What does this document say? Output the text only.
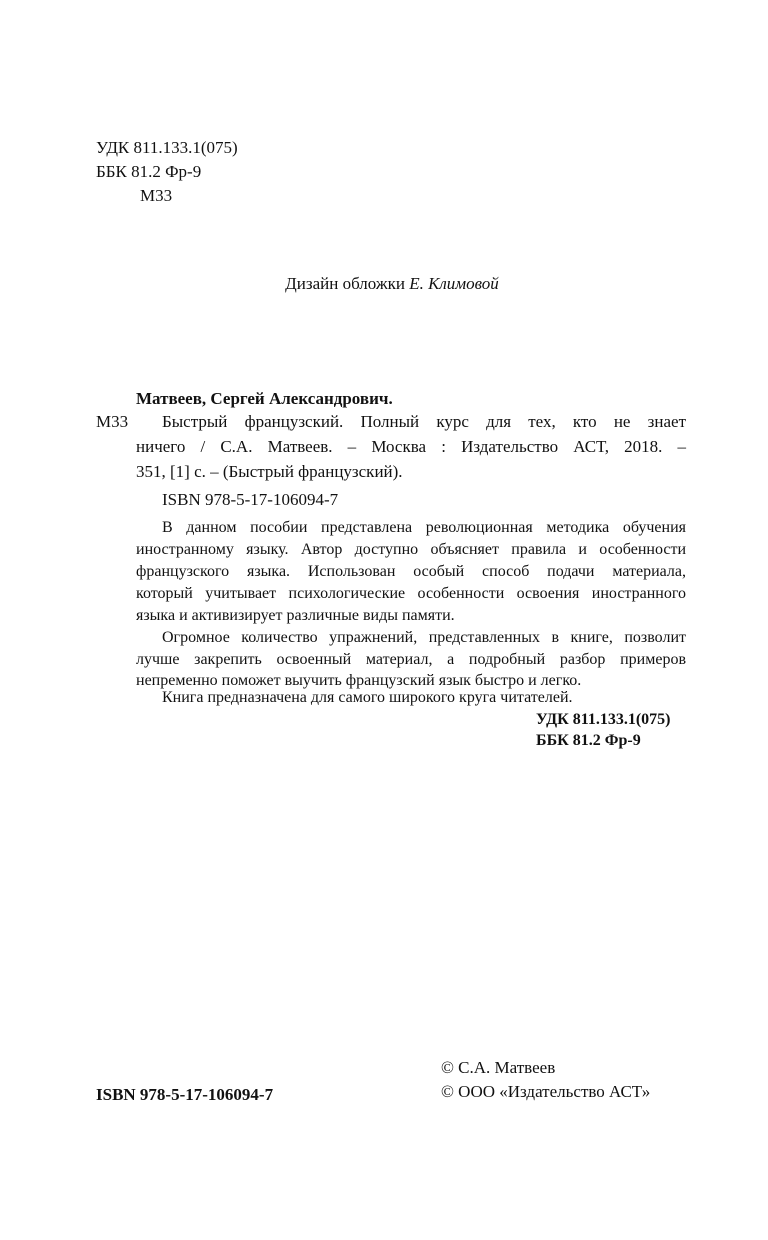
УДК 811.133.1(075)
ББК 81.2 Фр-9
М33
Дизайн обложки Е. Климовой
Матвеев, Сергей Александрович.
М33 Быстрый французский. Полный курс для тех, кто не знает
ничего / С.А. Матвеев. – Москва : Издательство АСТ, 2018. –
351, [1] с. – (Быстрый французский).
ISBN 978-5-17-106094-7
В данном пособии представлена революционная методика обучения
иностранному языку. Автор доступно объясняет правила и особенности
французского языка. Использован особый способ подачи материала,
который учитывает психологические особенности освоения иностранного
языка и активизирует различные виды памяти.
Огромное количество упражнений, представленных в книге, позволит
лучше закрепить освоенный материал, а подробный разбор примеров
непременно поможет выучить французский язык быстро и легко.
Книга предназначена для самого широкого круга читателей.
УДК 811.133.1(075)
ББК 81.2 Фр-9
© С.А. Матвеев
© ООО «Издательство АСТ»
ISBN 978-5-17-106094-7
